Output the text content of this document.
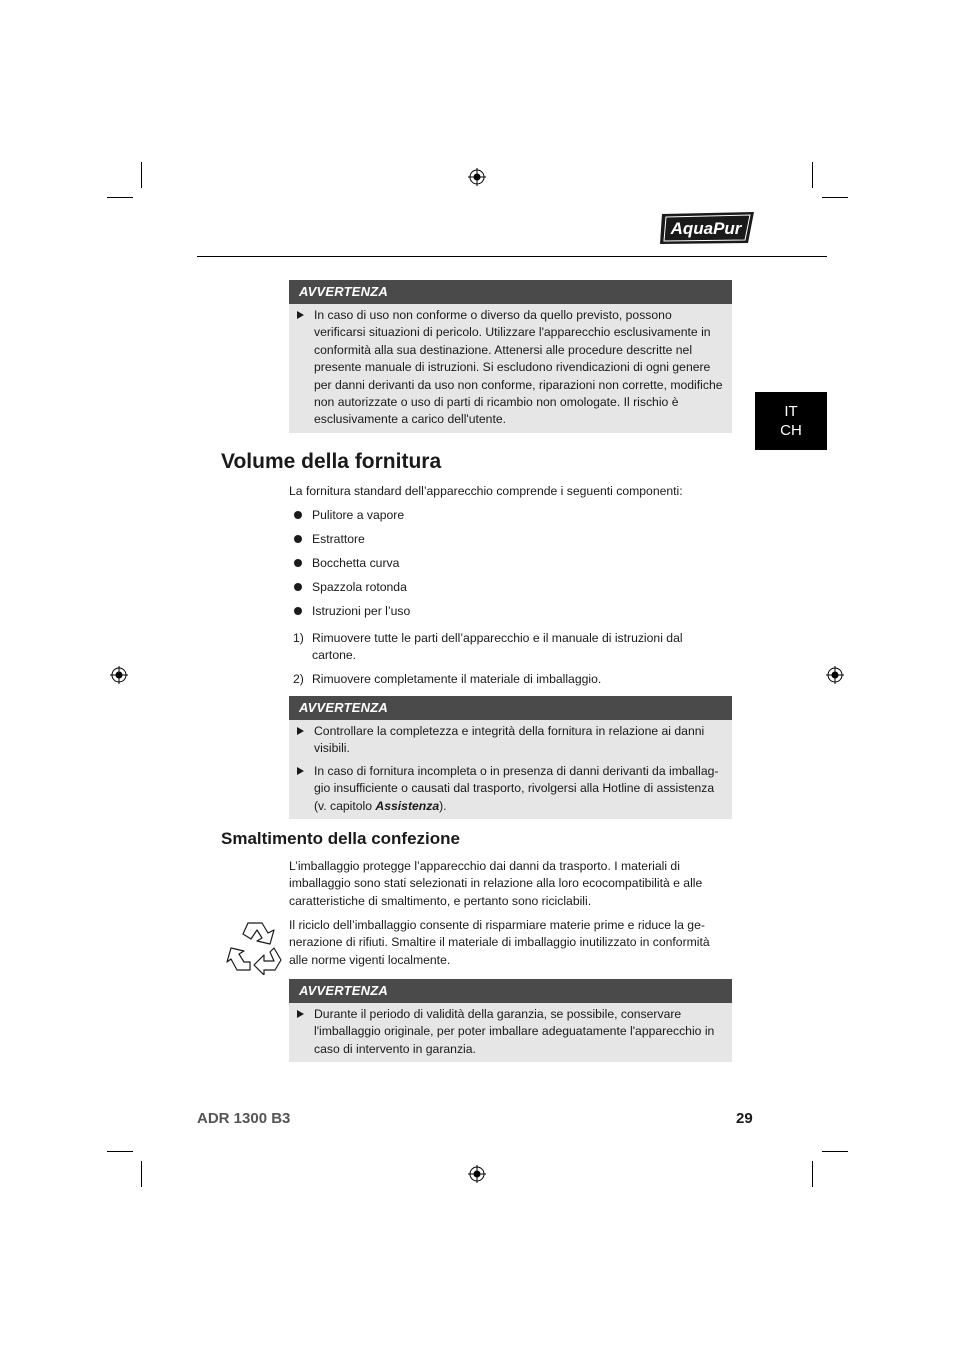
AquaPur
IT
CH
AVVERTENZA
In caso di uso non conforme o diverso da quello previsto, possono verificarsi situazioni di pericolo. Utilizzare l'apparecchio esclusivamente in conformità alla sua destinazione. Attenersi alle procedure descritte nel presente manuale di istruzioni. Si escludono rivendicazioni di ogni genere per danni derivanti da uso non conforme, riparazioni non corrette, modifiche non autorizzate o uso di parti di ricambio non omologate. Il rischio è esclusivamente a carico dell'utente.
Volume della fornitura
La fornitura standard dell’apparecchio comprende i seguenti componenti:
Pulitore a vapore
Estrattore
Bocchetta curva
Spazzola rotonda
Istruzioni per l’uso
1) Rimuovere tutte le parti dell’apparecchio e il manuale di istruzioni dal cartone.
2) Rimuovere completamente il materiale di imballaggio.
AVVERTENZA
Controllare la completezza e integrità della fornitura in relazione ai danni visibili.
In caso di fornitura incompleta o in presenza di danni derivanti da imballag-gio insufficiente o causati dal trasporto, rivolgersi alla Hotline di assistenza (v. capitolo Assistenza).
Smaltimento della confezione
L’imballaggio protegge l’apparecchio dai danni da trasporto. I materiali di imballaggio sono stati selezionati in relazione alla loro ecocompatibilità e alle caratteristiche di smaltimento, e pertanto sono riciclabili.
Il riciclo dell’imballaggio consente di risparmiare materie prime e riduce la ge-nerazione di rifiuti. Smaltire il materiale di imballaggio inutilizzato in conformità alle norme vigenti localmente.
AVVERTENZA
Durante il periodo di validità della garanzia, se possibile, conservare l'imballaggio originale, per poter imballare adeguatamente l'apparecchio in caso di intervento in garanzia.
ADR 1300 B3	29
